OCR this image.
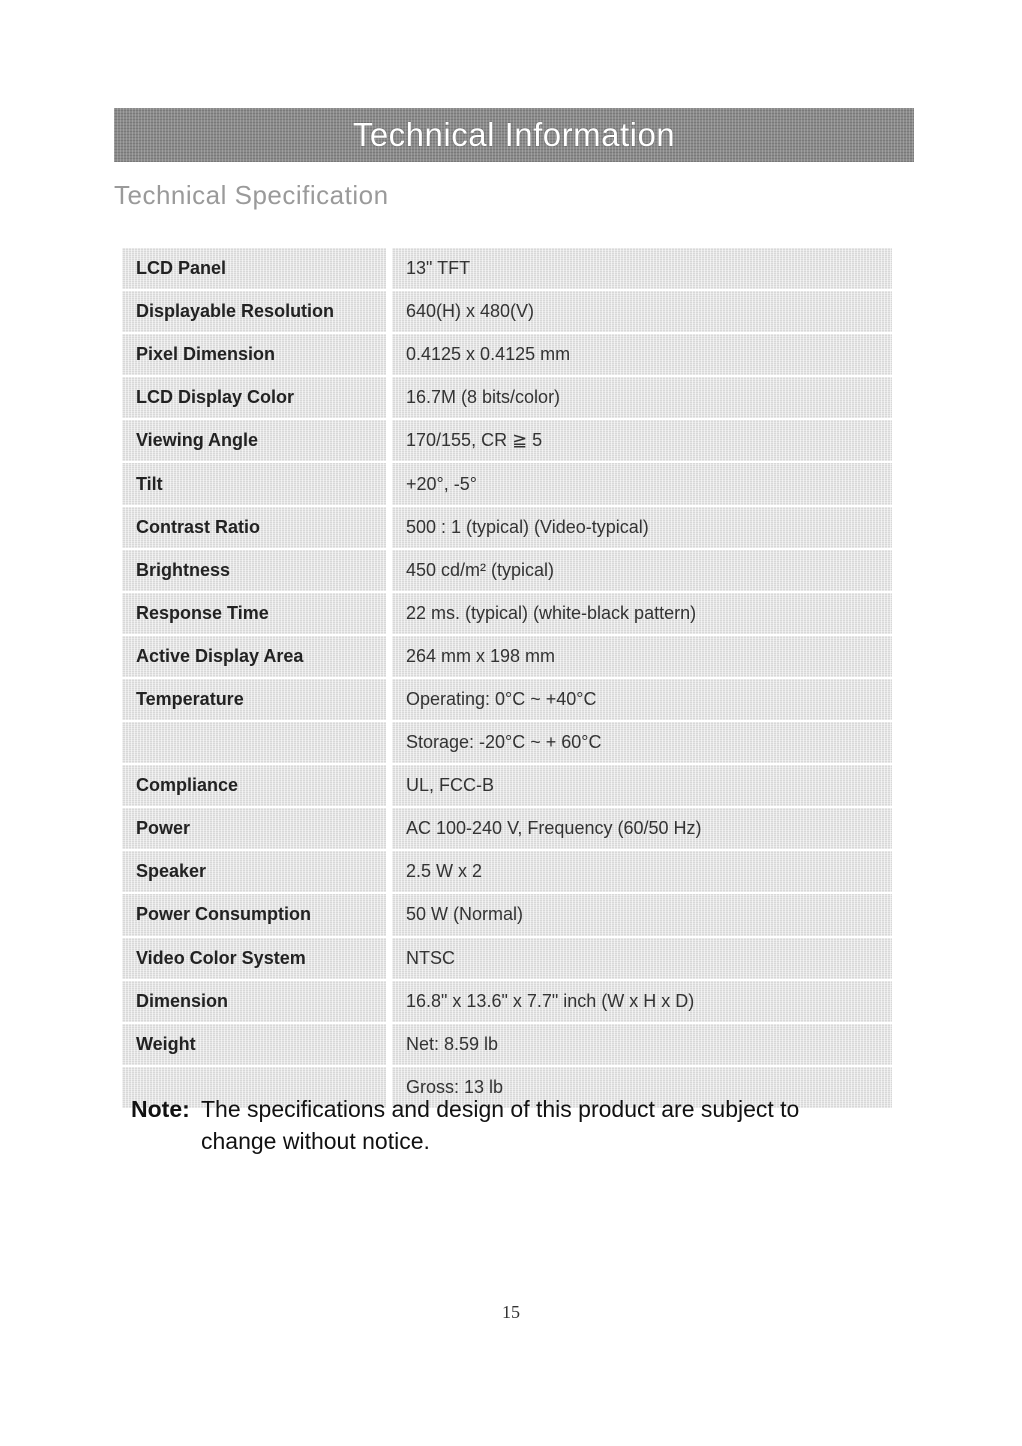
Technical Information
Technical Specification
LCD Panel	13" TFT
Displayable Resolution	640(H) x 480(V)
Pixel Dimension	0.4125 x 0.4125 mm
LCD Display Color	16.7M (8 bits/color)
Viewing Angle	170/155, CR ≧ 5
Tilt	+20°, -5°
Contrast Ratio	500 : 1 (typical) (Video-typical)
Brightness	450 cd/m² (typical)
Response Time	22 ms. (typical) (white-black pattern)
Active Display Area	264 mm x 198 mm
Temperature	Operating: 0°C ~ +40°C
	Storage: -20°C ~ + 60°C
Compliance	UL, FCC-B
Power	AC 100-240 V, Frequency (60/50 Hz)
Speaker	2.5 W x 2
Power Consumption	50 W (Normal)
Video Color System	NTSC
Dimension	16.8" x 13.6" x 7.7" inch (W x H x D)
Weight	Net: 8.59 lb
	Gross: 13 lb
Note: The specifications and design of this product are subject to change without notice.
15
